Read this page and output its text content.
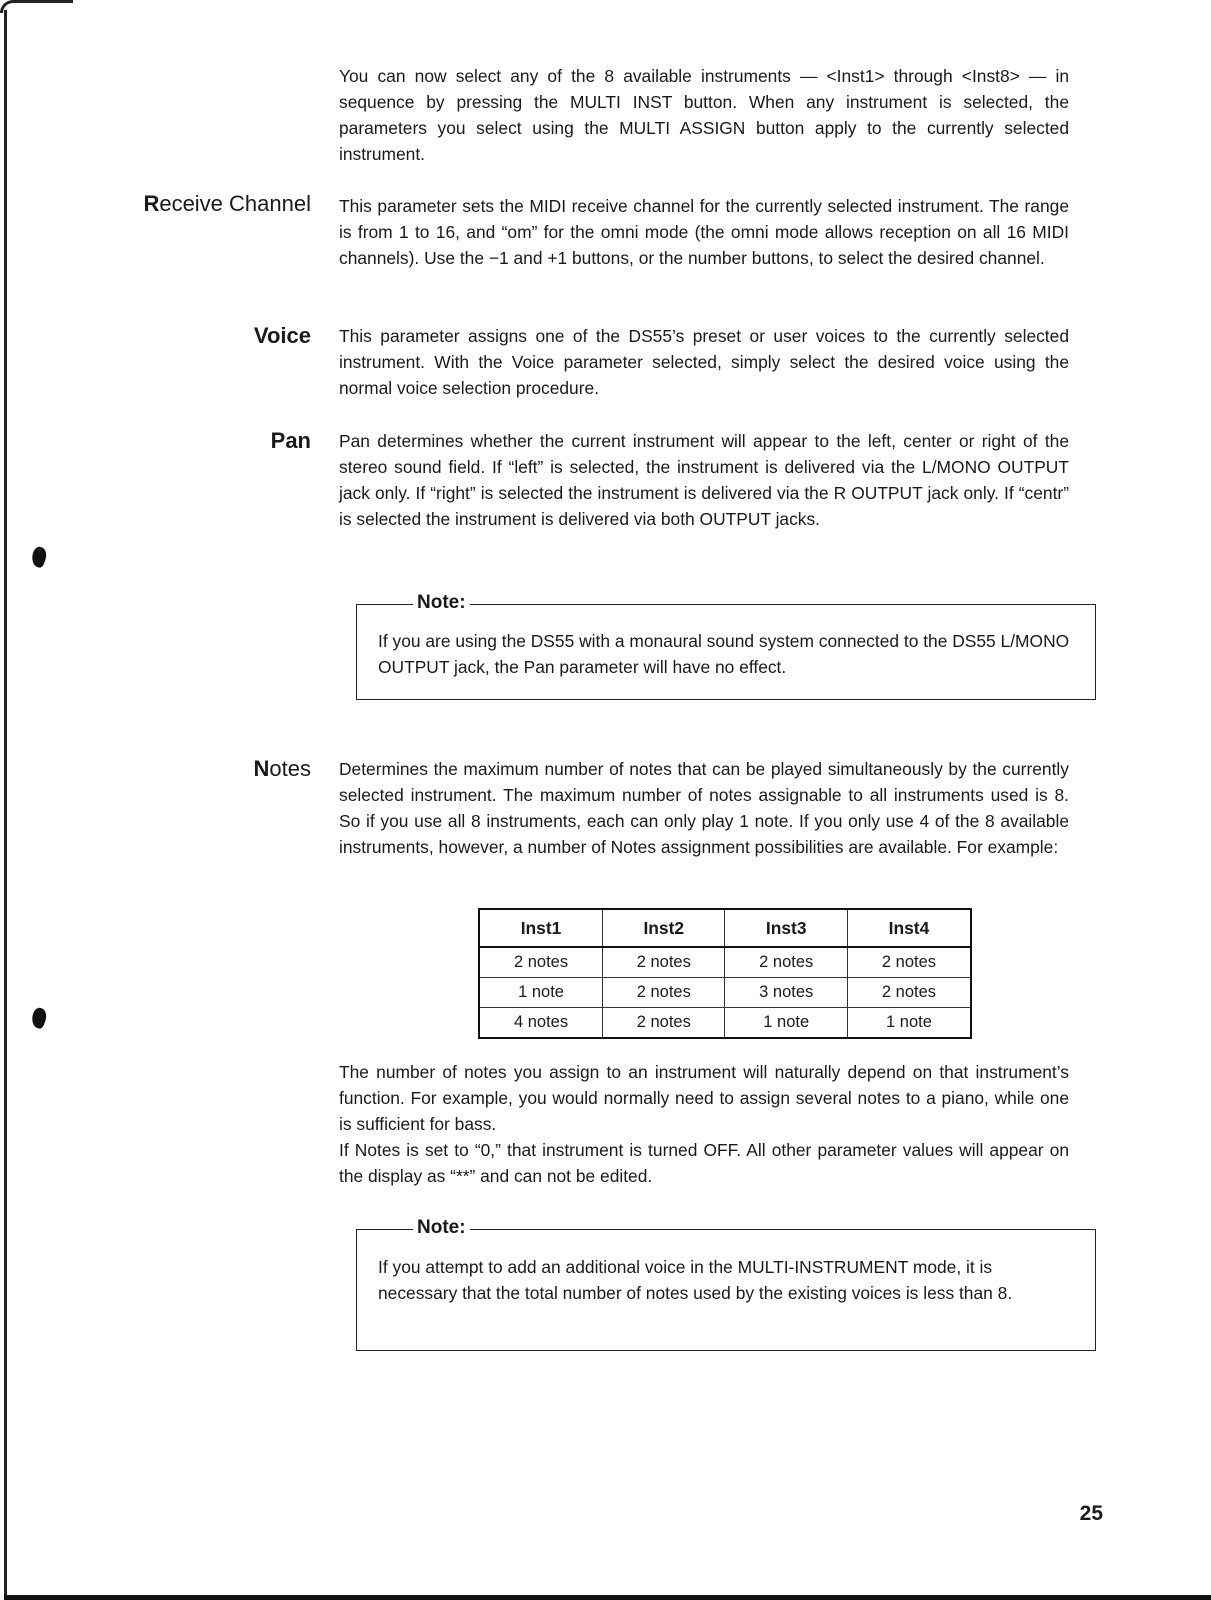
You can now select any of the 8 available instruments — <Inst1> through <Inst8> — in sequence by pressing the MULTI INST button. When any instrument is selected, the parameters you select using the MULTI ASSIGN button apply to the currently selected instrument.

Receive Channel This parameter sets the MIDI receive channel for the currently selected instrument. The range is from 1 to 16, and “om” for the omni mode (the omni mode allows reception on all 16 MIDI channels). Use the −1 and +1 buttons, or the number buttons, to select the desired channel.

Voice This parameter assigns one of the DS55’s preset or user voices to the currently selected instrument. With the Voice parameter selected, simply select the desired voice using the normal voice selection procedure.

Pan Pan determines whether the current instrument will appear to the left, center or right of the stereo sound field. If “left” is selected, the instrument is delivered via the L/MONO OUTPUT jack only. If “right” is selected the instrument is delivered via the R OUTPUT jack only. If “centr” is selected the instrument is delivered via both OUTPUT jacks.

Note:

If you are using the DS55 with a monaural sound system connected to the DS55 L/MONO OUTPUT jack, the Pan parameter will have no effect.

Notes Determines the maximum number of notes that can be played simultaneously by the currently selected instrument. The maximum number of notes assignable to all instruments used is 8. So if you use all 8 instruments, each can only play 1 note. If you only use 4 of the 8 available instruments, however, a number of Notes assignment possibilities are available. For example:

Inst1	Inst2	Inst3	Inst4
2 notes	2 notes	2 notes	2 notes
1 note	2 notes	3 notes	2 notes
4 notes	2 notes	1 note	1 note

The number of notes you assign to an instrument will naturally depend on that instrument’s function. For example, you would normally need to assign several notes to a piano, while one is sufficient for bass.

If Notes is set to “0,” that instrument is turned OFF. All other parameter values will appear on the display as “**” and can not be edited.

Note:

If you attempt to add an additional voice in the MULTI-INSTRUMENT mode, it is necessary that the total number of notes used by the existing voices is less than 8.

25
